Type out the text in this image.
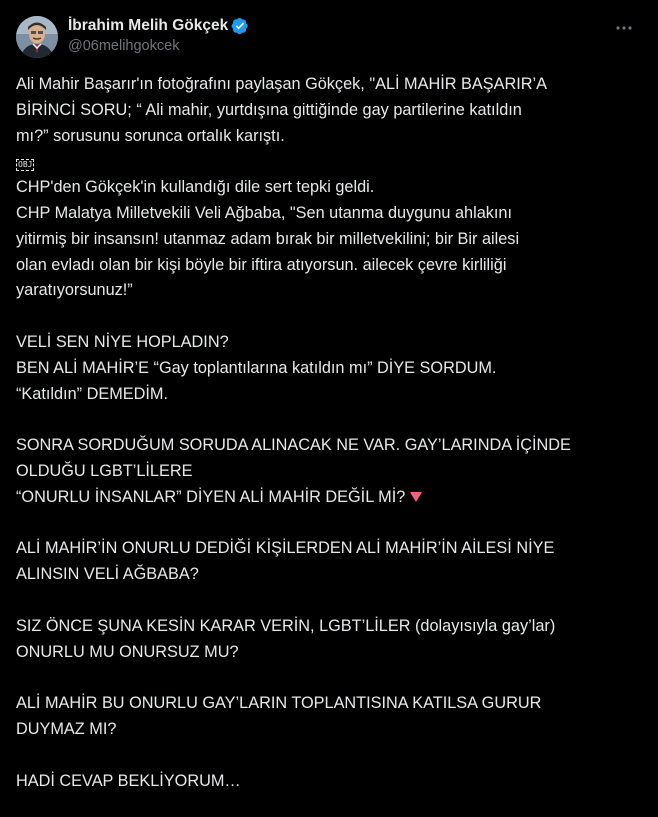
İbrahim Melih Gökçek
@06melihgokcek

Ali Mahir Başarır'ın fotoğrafını paylaşan Gökçek, "ALİ MAHİR BAŞARIR’A
BİRİNCİ SORU; “ Ali mahir, yurtdışına gittiğinde gay partilerine katıldın
mı?” sorusunu sorunca ortalık karıştı.

OBJ

CHP'den Gökçek'in kullandığı dile sert tepki geldi.
CHP Malatya Milletvekili Veli Ağbaba, "Sen utanma duygunu ahlakını
yitirmiş bir insansın! utanmaz adam bırak bir milletvekilini; bir Bir ailesi
olan evladı olan bir kişi böyle bir iftira atıyorsun. ailecek çevre kirliliği
yaratıyorsunuz!”

VELİ SEN NİYE HOPLADIN?
BEN ALİ MAHİR’E “Gay toplantılarına katıldın mı” DİYE SORDUM.
“Katıldın” DEMEDİM.

SONRA SORDUĞUM SORUDA ALINACAK NE VAR. GAY’LARINDA İÇİNDE
OLDUĞU LGBT’LİLERE
“ONURLU İNSANLAR” DİYEN ALİ MAHİR DEĞİL Mİ?

ALİ MAHİR’İN ONURLU DEDİĞİ KİŞİLERDEN ALİ MAHİR’İN AİLESİ NİYE
ALINSIN VELİ AĞBABA?

SIZ ÖNCE ŞUNA KESİN KARAR VERİN, LGBT’LİLER (dolayısıyla gay’lar)
ONURLU MU ONURSUZ MU?

ALİ MAHİR BU ONURLU GAY’LARIN TOPLANTISINA KATILSA GURUR
DUYMAZ MI?

HADİ CEVAP BEKLİYORUM…
